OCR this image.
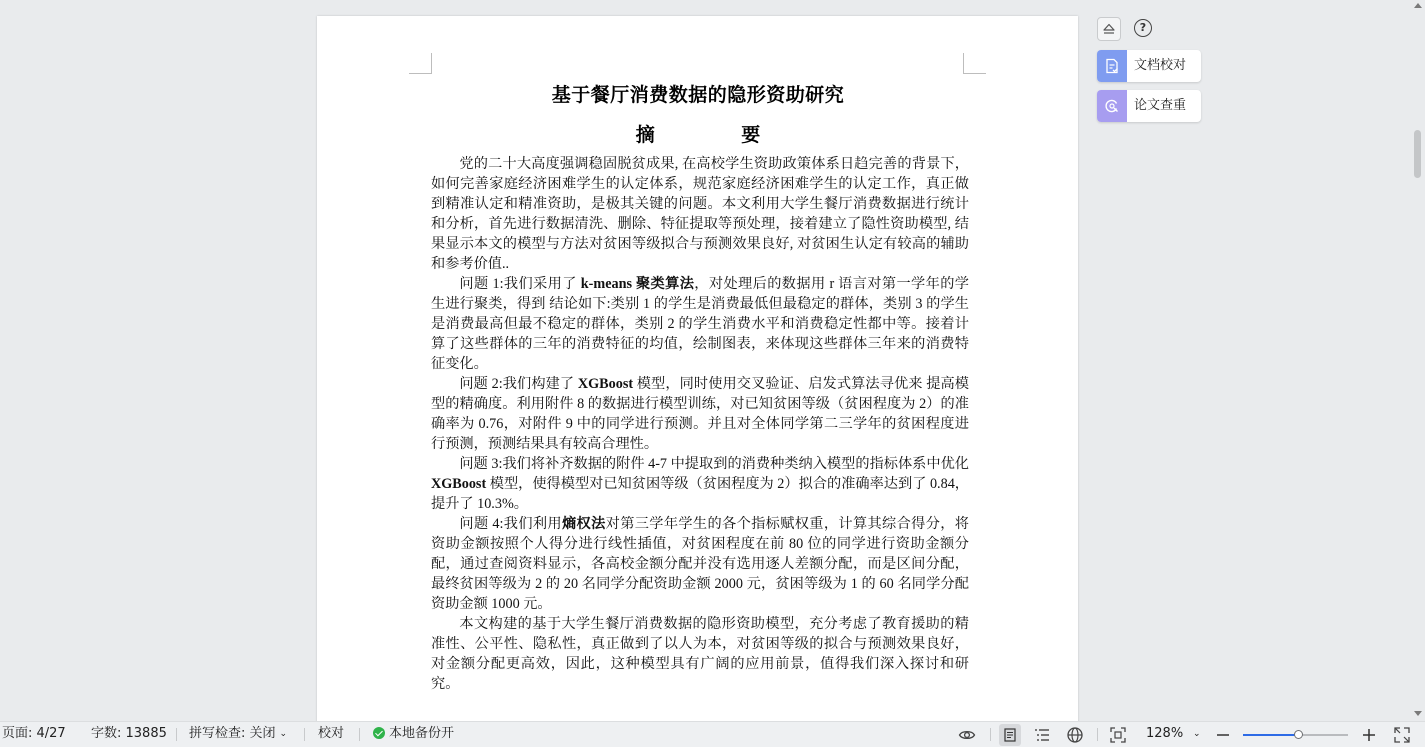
基于餐厅消费数据的隐形资助研究
摘 要

党的二十大高度强调稳固脱贫成果, 在高校学生资助政策体系日趋完善的背景下，如何完善家庭经济困难学生的认定体系，规范家庭经济困难学生的认定工作，真正做到精准认定和精准资助，是极其关键的问题。本文利用大学生餐厅消费数据进行统计和分析，首先进行数据清洗、删除、特征提取等预处理，接着建立了隐性资助模型, 结果显示本文的模型与方法对贫困等级拟合与预测效果良好, 对贫困生认定有较高的辅助和参考价值..

问题 1:我们采用了 k-means 聚类算法，对处理后的数据用 r 语言对第一学年的学生进行聚类，得到 结论如下:类别 1 的学生是消费最低但最稳定的群体，类别 3 的学生是消费最高但最不稳定的群体，类别 2 的学生消费水平和消费稳定性都中等。接着计算了这些群体的三年的消费特征的均值，绘制图表，来体现这些群体三年来的消费特征变化。

问题 2:我们构建了 XGBoost 模型，同时使用交叉验证、启发式算法寻优来 提高模型的精确度。利用附件 8 的数据进行模型训练，对已知贫困等级（贫困程度为 2）的准确率为 0.76，对附件 9 中的同学进行预测。并且对全体同学第二三学年的贫困程度进行预测，预测结果具有较高合理性。

问题 3:我们将补齐数据的附件 4-7 中提取到的消费种类纳入模型的指标体系中优化 XGBoost 模型，使得模型对已知贫困等级（贫困程度为 2）拟合的准确率达到了 0.84，提升了 10.3%。

问题 4:我们利用熵权法对第三学年学生的各个指标赋权重，计算其综合得分，将资助金额按照个人得分进行线性插值，对贫困程度在前 80 位的同学进行资助金额分配，通过查阅资料显示，各高校金额分配并没有选用逐人差额分配，而是区间分配，最终贫困等级为 2 的 20 名同学分配资助金额 2000 元，贫困等级为 1 的 60 名同学分配资助金额 1000 元。

本文构建的基于大学生餐厅消费数据的隐形资助模型，充分考虑了教育援助的精准性、公平性、隐私性，真正做到了以人为本，对贫困等级的拟合与预测效果良好，对金额分配更高效，因此，这种模型具有广阔的应用前景，值得我们深入探讨和研究。

?
文档校对
论文查重
页面: 4/27 字数: 13885 拼写检查: 关闭 ⌄ 校对	本地备份开	128% ⌄
